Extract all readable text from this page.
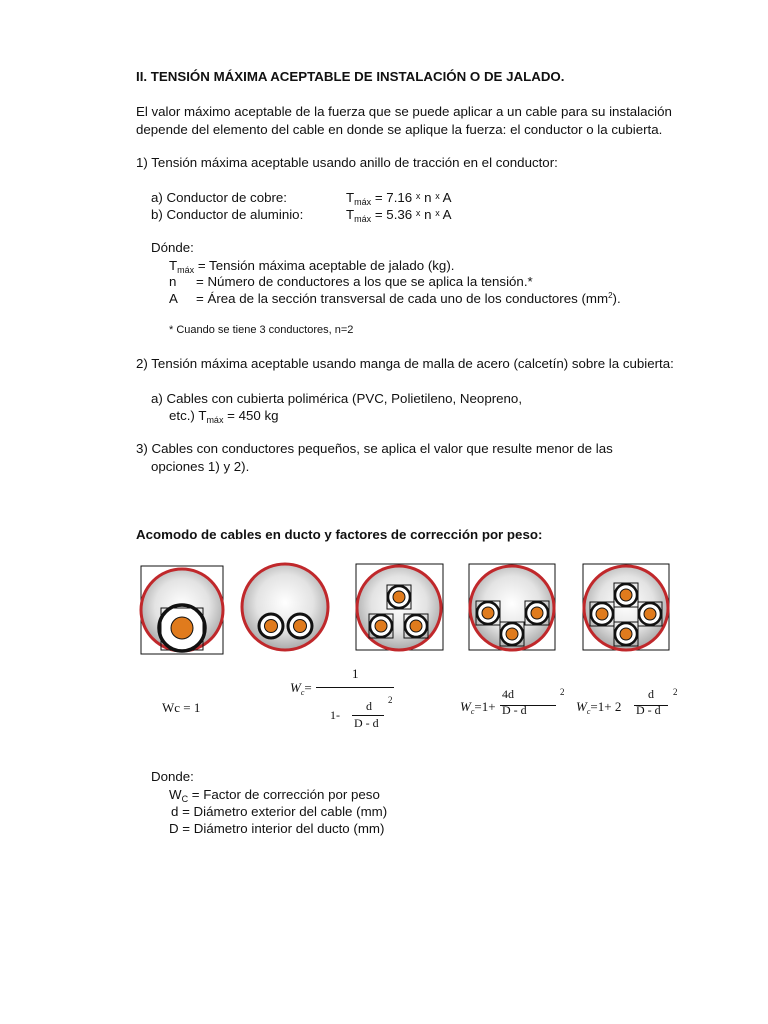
II. TENSIÓN MÁXIMA ACEPTABLE DE INSTALACIÓN O DE JALADO.
El valor máximo aceptable de la fuerza que se puede aplicar a un cable para su instalación
depende del elemento del cable en donde se aplique la fuerza: el conductor o la cubierta.
1) Tensión máxima aceptable usando anillo de tracción en el conductor:
a) Conductor de cobre:	$T_{máx} = 7.16$ $^x$ n $^x$ A
b) Conductor de aluminio:	$T_{máx} = 5.36$ $^x$ n $^x$ A
Dónde:
$T_{máx}$ = Tensión máxima aceptable de jalado (kg).
n = Número de conductores a los que se aplica la tensión.*
A = Área de la sección transversal de cada uno de los conductores $(mm^2)$.
* Cuando se tiene 3 conductores, n=2
2) Tensión máxima aceptable usando manga de malla de acero (calcetín) sobre la cubierta:
a) Cables con cubierta polimérica (PVC, Polietileno, Neopreno,
etc.) $T_{máx} = 450$ kg
3) Cables con conductores pequeños, se aplica el valor que resulte menor de las
opciones 1) y 2).
Acomodo de cables en ducto y factores de corrección por peso:
Wc = 1
$W_c=$
1
1-
d
D - d
2	$W_c=1+$
4d
D - d
2
$W_c=1+ 2$
d
D - d
2
Donde:
$W_C$ = Factor de corrección por peso
d = Diámetro exterior del cable (mm)
D = Diámetro interior del ducto (mm)
